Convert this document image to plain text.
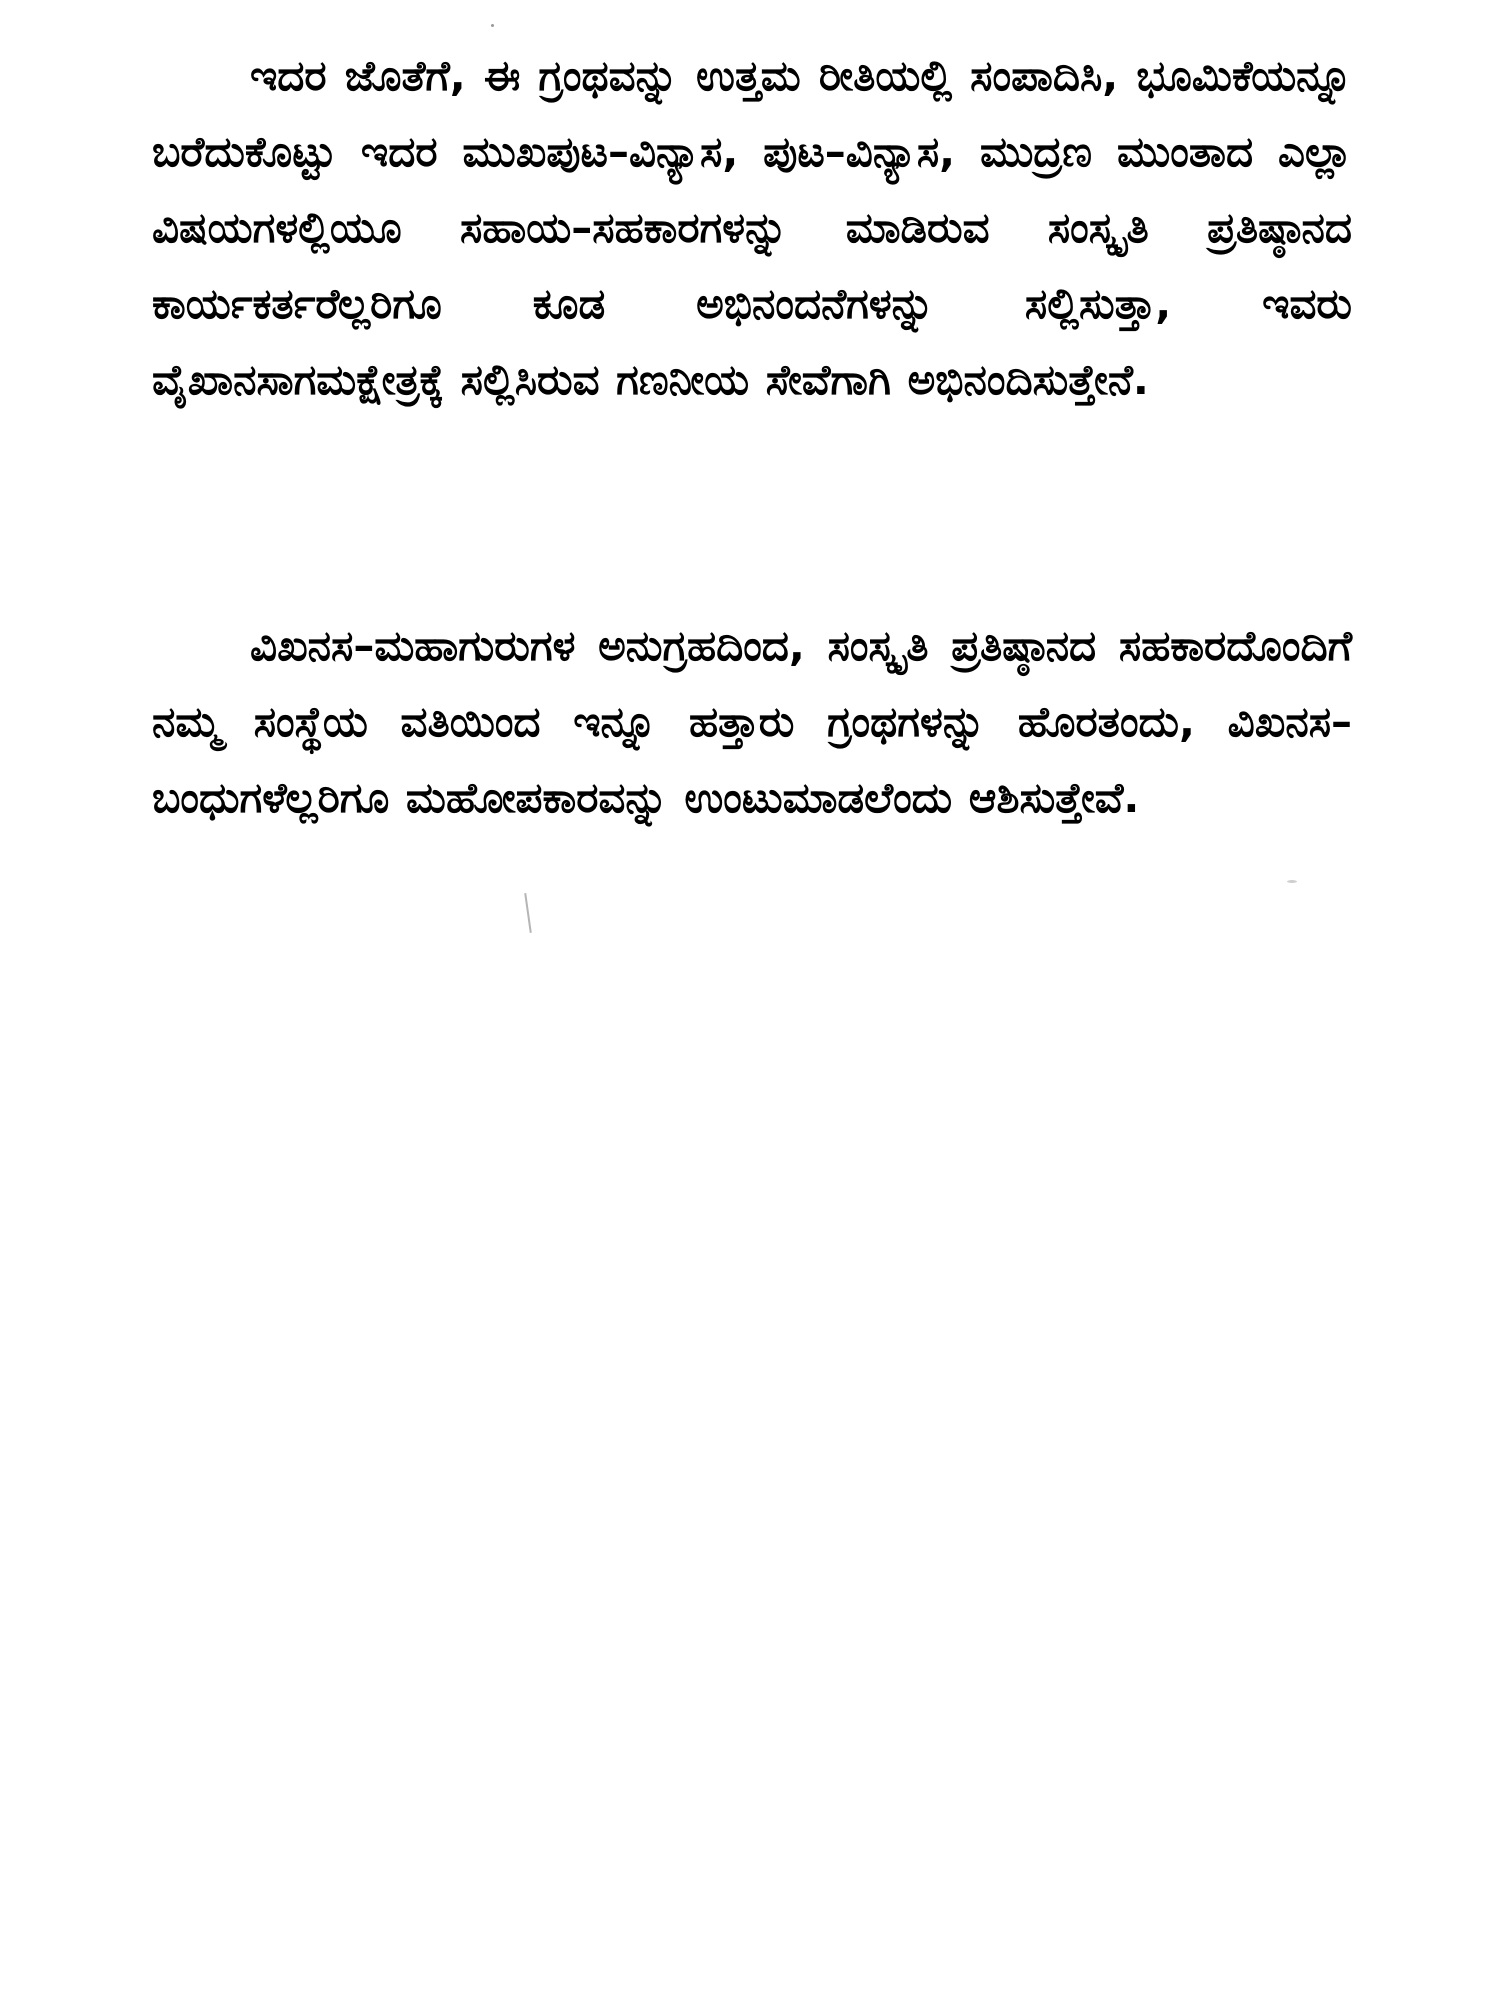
ಇದರ ಜೊತೆಗೆ, ಈ ಗ್ರಂಥವನ್ನು ಉತ್ತಮ ರೀತಿಯಲ್ಲಿ ಸಂಪಾದಿಸಿ, ಭೂಮಿಕೆಯನ್ನೂ ಬರೆದುಕೊಟ್ಟು ಇದರ ಮುಖಪುಟ–ವಿನ್ಯಾಸ, ಪುಟ–ವಿನ್ಯಾಸ, ಮುದ್ರಣ ಮುಂತಾದ ಎಲ್ಲಾ ವಿಷಯಗಳಲ್ಲಿಯೂ ಸಹಾಯ–ಸಹಕಾರಗಳನ್ನು ಮಾಡಿರುವ ಸಂಸ್ಕೃತಿ ಪ್ರತಿಷ್ಠಾನದ ಕಾರ್ಯಕರ್ತರೆಲ್ಲರಿಗೂ ಕೂಡ ಅಭಿನಂದನೆಗಳನ್ನು ಸಲ್ಲಿಸುತ್ತಾ, ಇವರು ವೈಖಾನಸಾಗಮಕ್ಷೇತ್ರಕ್ಕೆ ಸಲ್ಲಿಸಿರುವ ಗಣನೀಯ ಸೇವೆಗಾಗಿ ಅಭಿನಂದಿಸುತ್ತೇನೆ.

ವಿಖನಸ–ಮಹಾಗುರುಗಳ ಅನುಗ್ರಹದಿಂದ, ಸಂಸ್ಕೃತಿ ಪ್ರತಿಷ್ಠಾನದ ಸಹಕಾರದೊಂದಿಗೆ ನಮ್ಮ ಸಂಸ್ಥೆಯ ವತಿಯಿಂದ ಇನ್ನೂ ಹತ್ತಾರು ಗ್ರಂಥಗಳನ್ನು ಹೊರತಂದು, ವಿಖನಸ–ಬಂಧುಗಳೆಲ್ಲರಿಗೂ ಮಹೋಪಕಾರವನ್ನು ಉಂಟುಮಾಡಲೆಂದು ಆಶಿಸುತ್ತೇವೆ.
